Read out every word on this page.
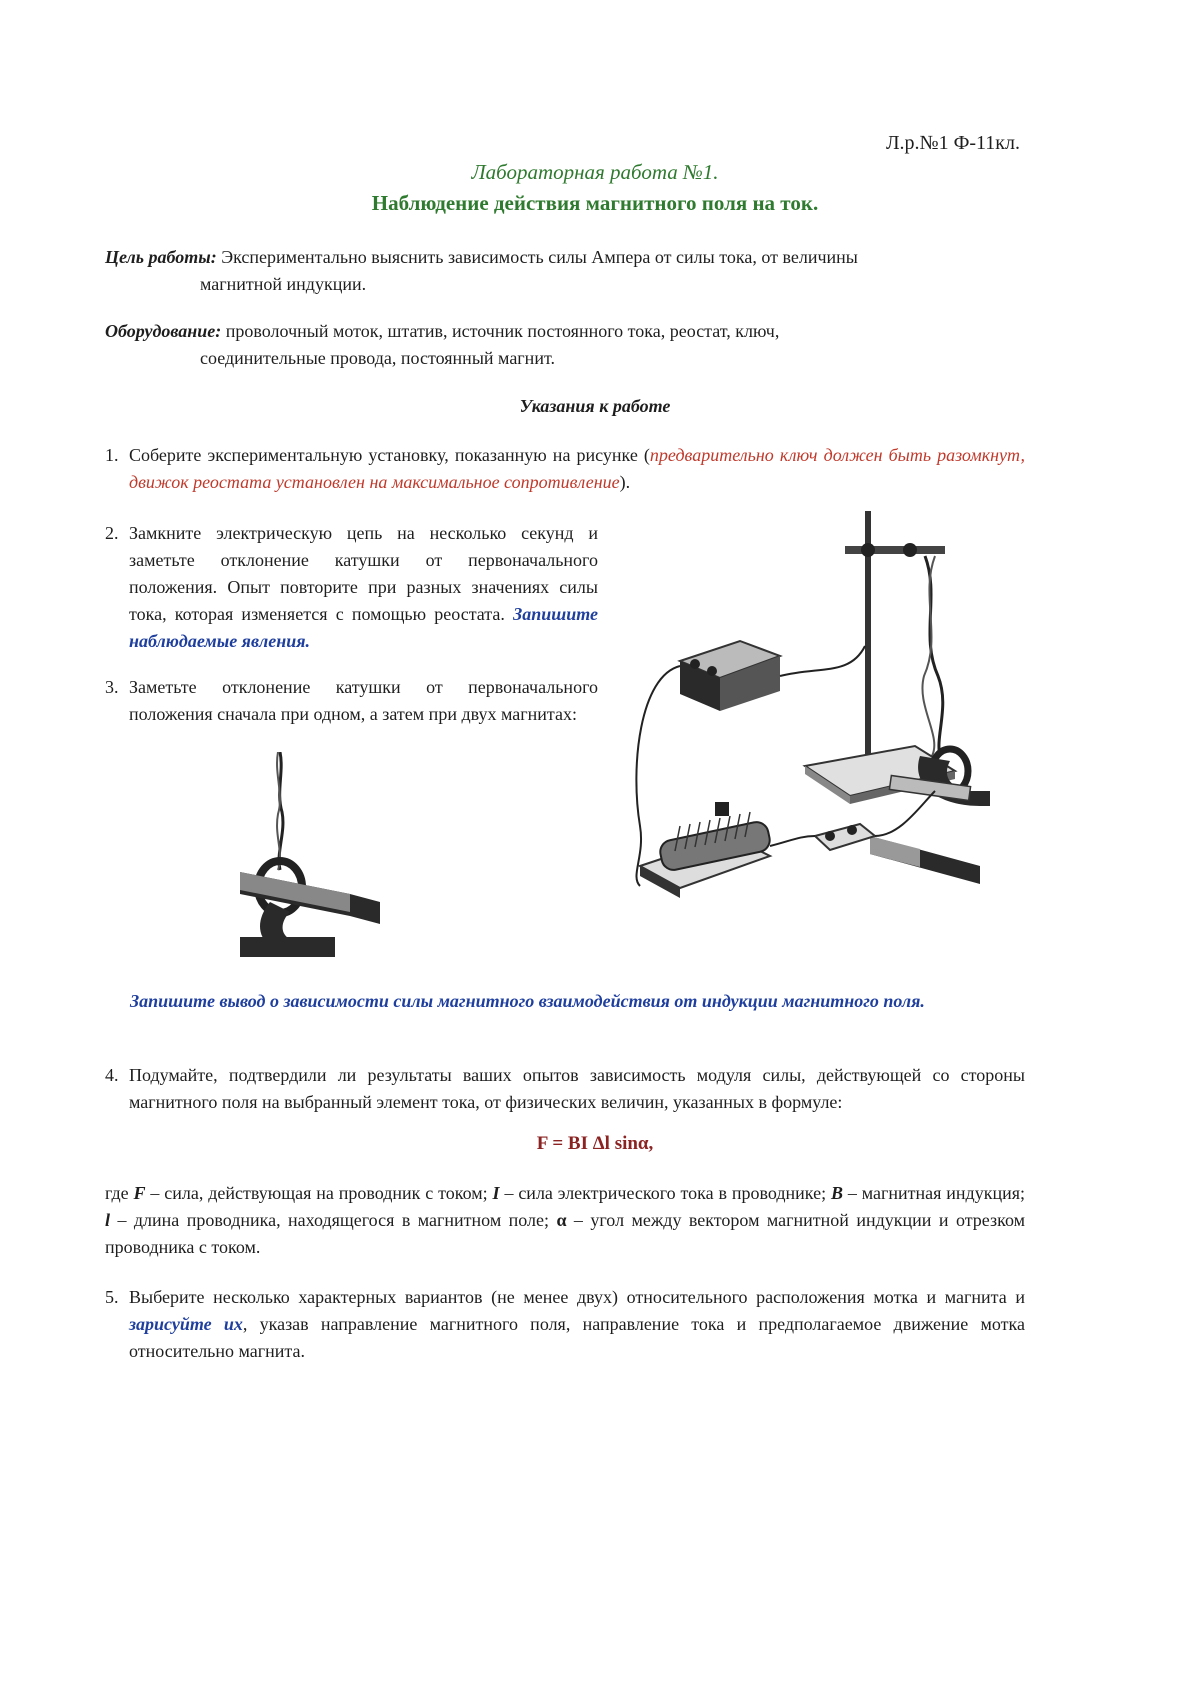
Л.р.№1 Ф-11кл.
Лабораторная работа №1.
Наблюдение действия магнитного поля на ток.
Цель работы: Экспериментально выяснить зависимость силы Ампера от силы тока, от величины
магнитной индукции.
Оборудование: проволочный моток, штатив, источник постоянного тока, реостат, ключ,
соединительные провода, постоянный магнит.
Указания к работе
1. Соберите экспериментальную установку, показанную на рисунке (предварительно ключ должен быть разомкнут, движок реостата установлен на максимальное сопротивление).
2. Замкните электрическую цепь на несколько секунд и заметьте отклонение катушки от первоначального положения. Опыт повторите при разных значениях силы тока, которая изменяется с помощью реостата. Запишите наблюдаемые явления.
3. Заметьте отклонение катушки от первоначального положения сначала при одном, а затем при двух магнитах:
Запишите вывод о зависимости силы магнитного взаимодействия от индукции магнитного поля.
4. Подумайте, подтвердили ли результаты ваших опытов зависимость модуля силы, действующей со стороны магнитного поля на выбранный элемент тока, от физических величин, указанных в формуле:
F = BI Δl sinα,
где F – сила, действующая на проводник с током; I – сила электрического тока в проводнике; B – магнитная индукция; l – длина проводника, находящегося в магнитном поле; α – угол между вектором магнитной индукции и отрезком проводника с током.
5. Выберите несколько характерных вариантов (не менее двух) относительного расположения мотка и магнита и зарисуйте их, указав направление магнитного поля, направление тока и предполагаемое движение мотка относительно магнита.
